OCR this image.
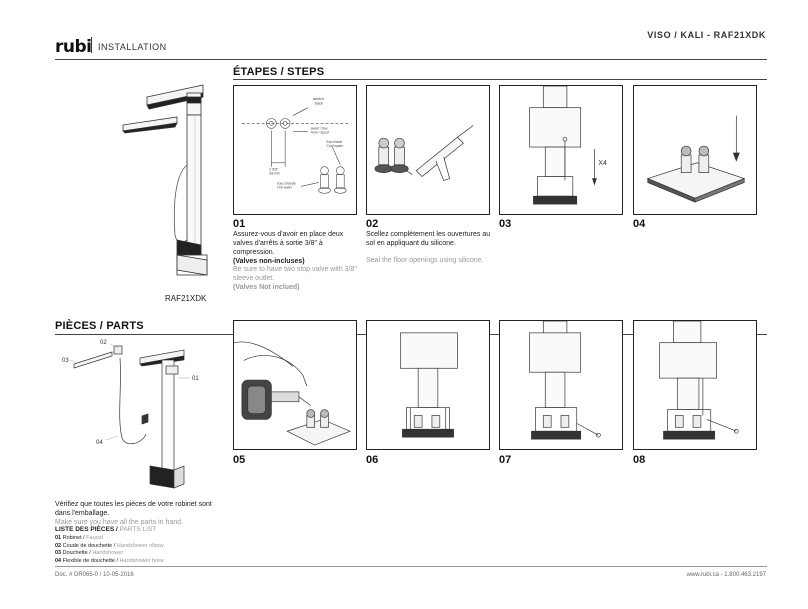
rubi INSTALLATION
VISO / KALI - RAF21XDK
RAF21XDK
ÉTAPES / STEPS
arrière
back
avant / bas
front / spout
Eau froide
Cold water
Eau chaude
Hot water
2 5/8"
68 mm
X4
01
Assurez-vous d'avoir en place deux valves d'arrêts à sortie 3/8" à compression.
(Valves non-incluses)
Be sure to have two stop valve with 3/8" sleeve outlet.
(Valves Not inclued)
02
Scellez complètement les ouvertures au sol en appliquant du silicone.
Seal the floor openings using silicone.
03	04
PIÈCES / PARTS
02
03
01
04
Vérifiez que toutes les pièces de votre robinet sont dans l'emballage.
Make sure you have all the parts in hand.
LISTE DES PIÈCES / PARTS LIST
01 Robinet / Faucet
02 Coude de douchette / Handshower elbow
03 Douchette / Handshower
04 Flexible de douchette / Handshower hose
05	06	07	08
Doc. # DR065-0 / 10-05-2016	www.rubi.ca - 1.800.463.2197
